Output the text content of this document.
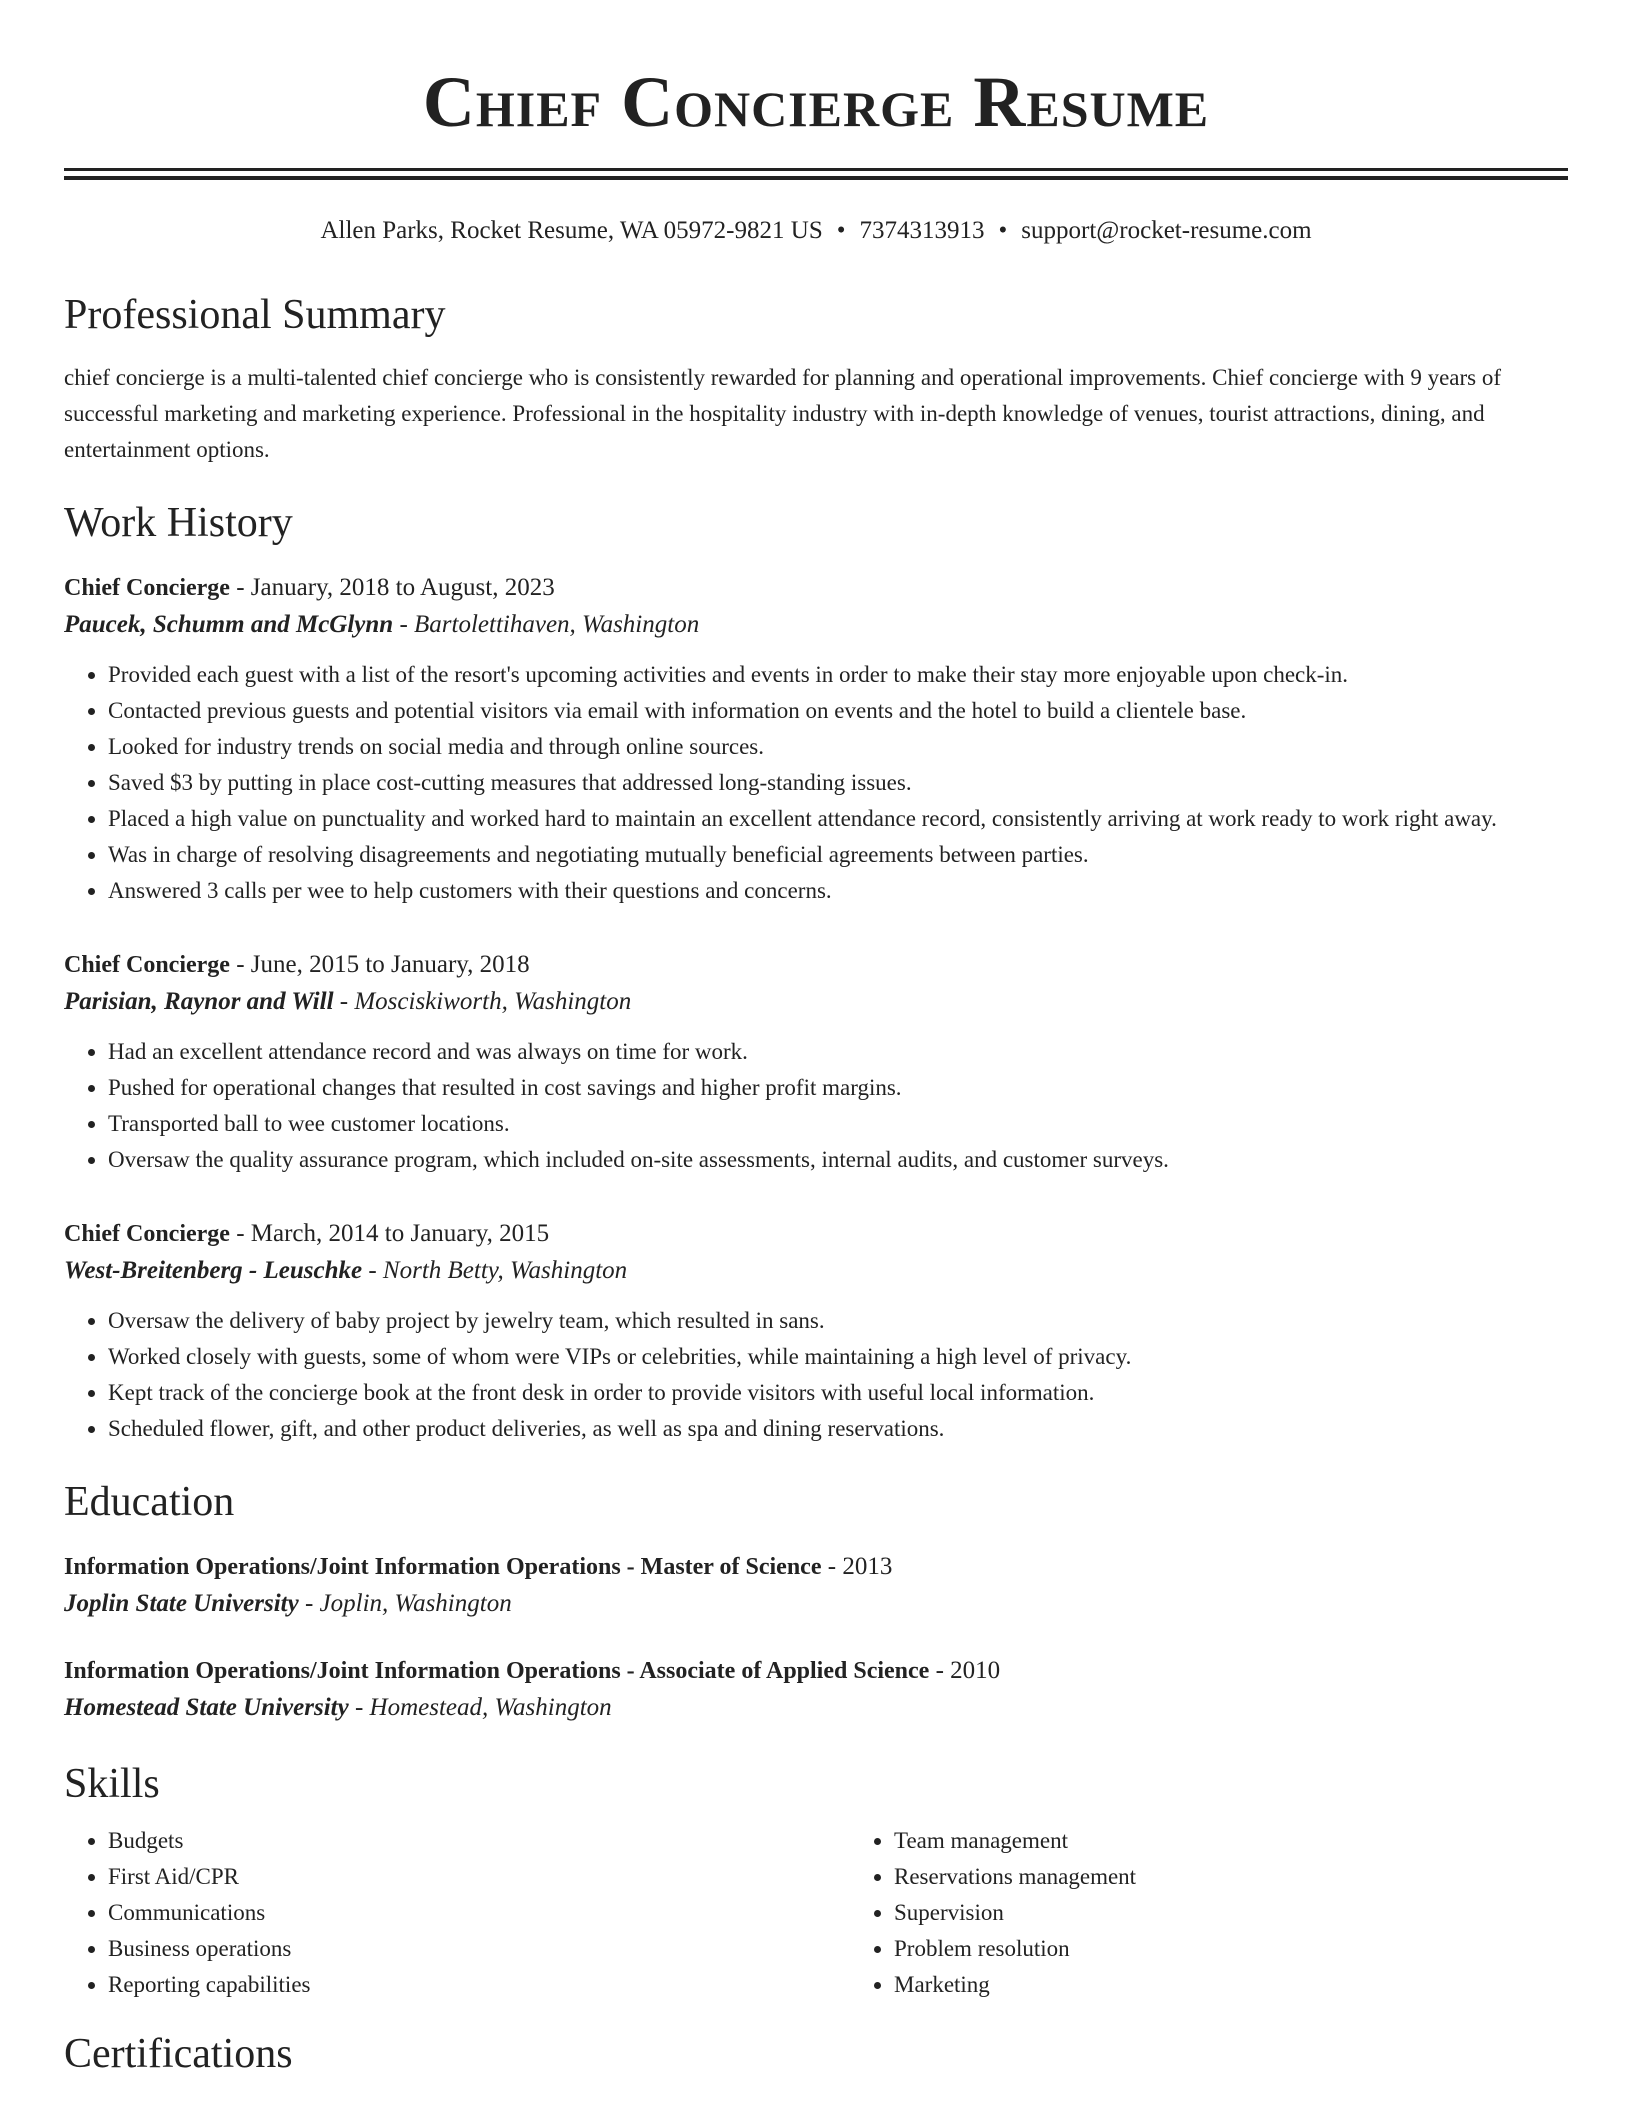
Chief Concierge Resume
Allen Parks, Rocket Resume, WA 05972-9821 US • 7374313913 • support@rocket-resume.com
Professional Summary

chief concierge is a multi-talented chief concierge who is consistently rewarded for planning and operational improvements. Chief concierge with 9 years of successful marketing and marketing experience. Professional in the hospitality industry with in-depth knowledge of venues, tourist attractions, dining, and entertainment options.

Work History
Chief Concierge - January, 2018 to August, 2023
Paucek, Schumm and McGlynn - Bartolettihaven, Washington
• Provided each guest with a list of the resort's upcoming activities and events in order to make their stay more enjoyable upon check-in.
• Contacted previous guests and potential visitors via email with information on events and the hotel to build a clientele base.
• Looked for industry trends on social media and through online sources.
• Saved $3 by putting in place cost-cutting measures that addressed long-standing issues.
• Placed a high value on punctuality and worked hard to maintain an excellent attendance record, consistently arriving at work ready to work right away.
• Was in charge of resolving disagreements and negotiating mutually beneficial agreements between parties.
• Answered 3 calls per wee to help customers with their questions and concerns.
Chief Concierge - June, 2015 to January, 2018
Parisian, Raynor and Will - Mosciskiworth, Washington
• Had an excellent attendance record and was always on time for work.
• Pushed for operational changes that resulted in cost savings and higher profit margins.
• Transported ball to wee customer locations.
• Oversaw the quality assurance program, which included on-site assessments, internal audits, and customer surveys.
Chief Concierge - March, 2014 to January, 2015
West-Breitenberg - Leuschke - North Betty, Washington
• Oversaw the delivery of baby project by jewelry team, which resulted in sans.
• Worked closely with guests, some of whom were VIPs or celebrities, while maintaining a high level of privacy.
• Kept track of the concierge book at the front desk in order to provide visitors with useful local information.
• Scheduled flower, gift, and other product deliveries, as well as spa and dining reservations.
Education
Information Operations/Joint Information Operations - Master of Science - 2013
Joplin State University - Joplin, Washington
Information Operations/Joint Information Operations - Associate of Applied Science - 2010
Homestead State University - Homestead, Washington
Skills
• Budgets
• First Aid/CPR
• Communications
• Business operations
• Reporting capabilities
• Team management
• Reservations management
• Supervision
• Problem resolution
• Marketing
Certifications
